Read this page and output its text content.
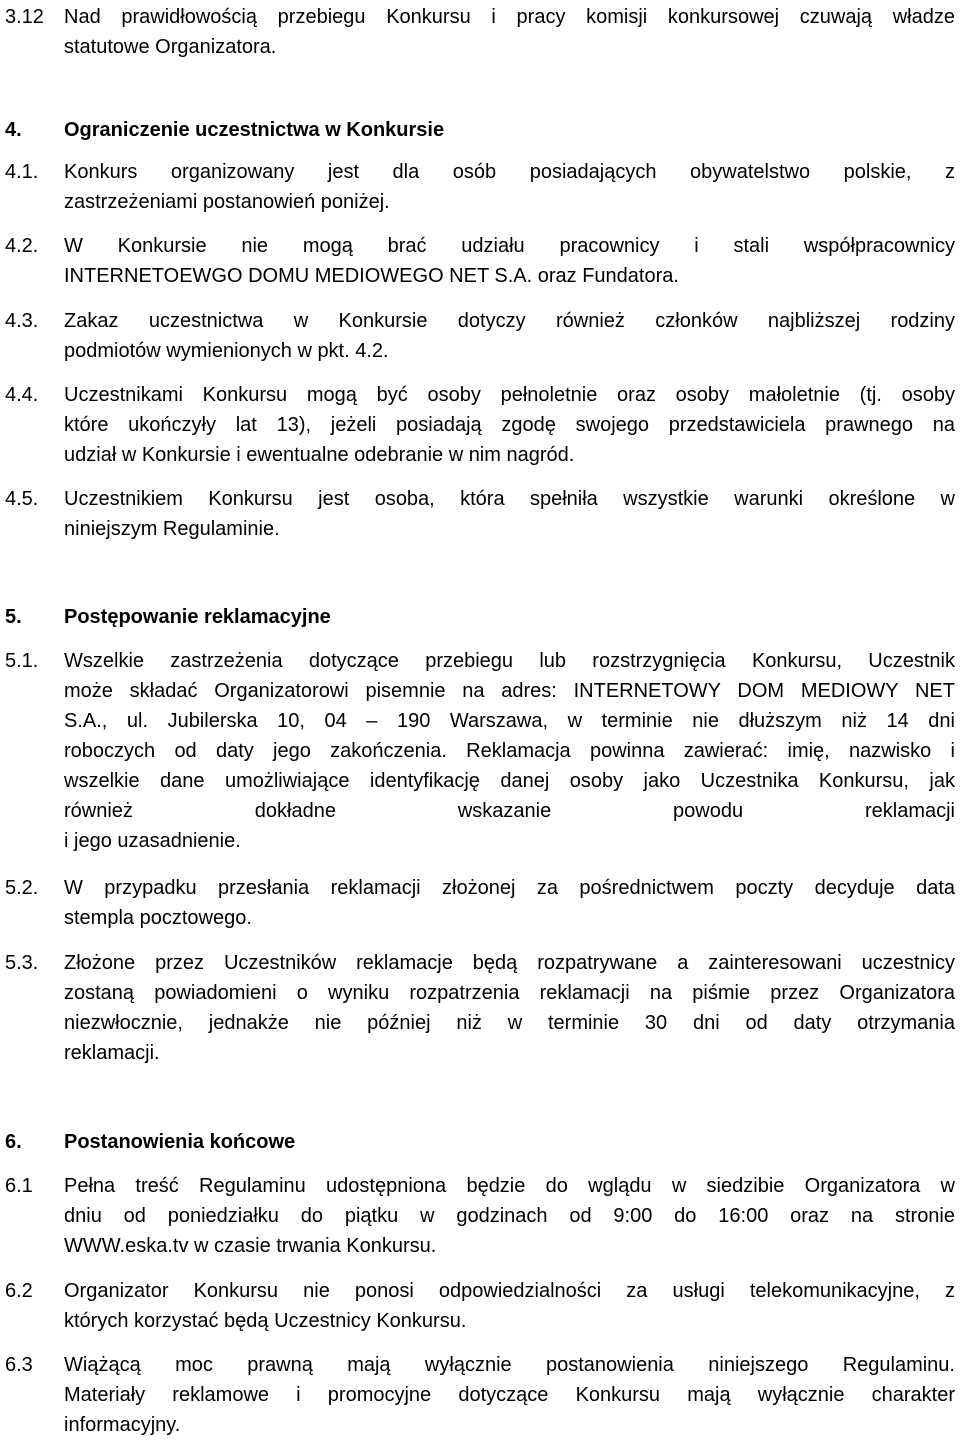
3.12 Nad prawidłowością przebiegu Konkursu i pracy komisji konkursowej czuwają władze
statutowe Organizatora.
4. Ograniczenie uczestnictwa w Konkursie
4.1. Konkurs organizowany jest dla osób posiadających obywatelstwo polskie, z
zastrzeżeniami postanowień poniżej.
4.2. W Konkursie nie mogą brać udziału pracownicy i stali współpracownicy
INTERNETOEWGO DOMU MEDIOWEGO NET S.A. oraz Fundatora.
4.3. Zakaz uczestnictwa w Konkursie dotyczy również członków najbliższej rodziny
podmiotów wymienionych w pkt. 4.2.
4.4. Uczestnikami Konkursu mogą być osoby pełnoletnie oraz osoby małoletnie (tj. osoby
które ukończyły lat 13), jeżeli posiadają zgodę swojego przedstawiciela prawnego na
udział w Konkursie i ewentualne odebranie w nim nagród.
4.5. Uczestnikiem Konkursu jest osoba, która spełniła wszystkie warunki określone w
niniejszym Regulaminie.
5. Postępowanie reklamacyjne
5.1. Wszelkie zastrzeżenia dotyczące przebiegu lub rozstrzygnięcia Konkursu, Uczestnik
może składać Organizatorowi pisemnie na adres: INTERNETOWY DOM MEDIOWY NET
S.A., ul. Jubilerska 10, 04 – 190 Warszawa, w terminie nie dłuższym niż 14 dni
roboczych od daty jego zakończenia. Reklamacja powinna zawierać: imię, nazwisko i
wszelkie dane umożliwiające identyfikację danej osoby jako Uczestnika Konkursu, jak
również dokładne wskazanie powodu reklamacji
i jego uzasadnienie.
5.2. W przypadku przesłania reklamacji złożonej za pośrednictwem poczty decyduje data
stempla pocztowego.
5.3. Złożone przez Uczestników reklamacje będą rozpatrywane a zainteresowani uczestnicy
zostaną powiadomieni o wyniku rozpatrzenia reklamacji na piśmie przez Organizatora
niezwłocznie, jednakże nie później niż w terminie 30 dni od daty otrzymania
reklamacji.
6. Postanowienia końcowe
6.1 Pełna treść Regulaminu udostępniona będzie do wglądu w siedzibie Organizatora w
dniu od poniedziałku do piątku w godzinach od 9:00 do 16:00 oraz na stronie
WWW.eska.tv w czasie trwania Konkursu.
6.2 Organizator Konkursu nie ponosi odpowiedzialności za usługi telekomunikacyjne, z
których korzystać będą Uczestnicy Konkursu.
6.3 Wiążącą moc prawną mają wyłącznie postanowienia niniejszego Regulaminu.
Materiały reklamowe i promocyjne dotyczące Konkursu mają wyłącznie charakter
informacyjny.
